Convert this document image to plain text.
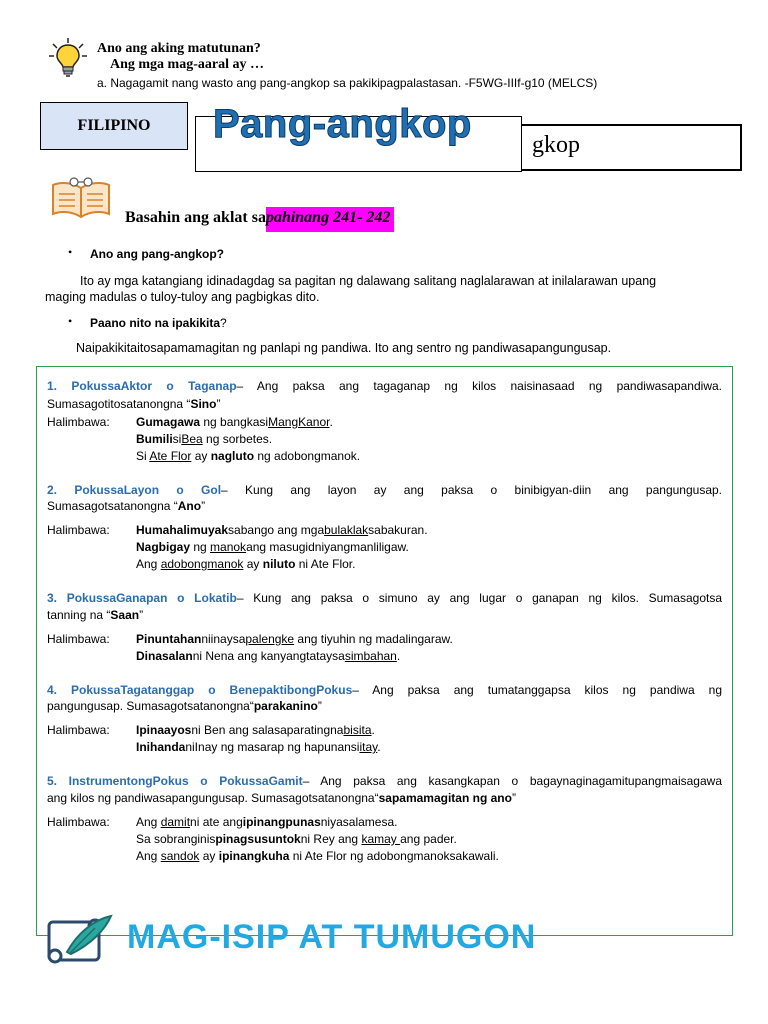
Ano ang aking matutunan?
Ang mga mag-aaral ay …
a. Nagagamit nang wasto ang pang-angkop sa pakikipagpalastasan. -F5WG-IIIf-g10 (MELCS)
FILIPINO
gkop
Pang-angkop
Basahin ang aklat sapahinang 241- 242
• Ano ang pang-angkop?
Ito ay mga katangiang idinadagdag sa pagitan ng dalawang salitang naglalarawan at inilalarawan upang
maging madulas o tuloy-tuloy ang pagbigkas dito.
• Paano nito na ipakikita?
Naipakikitaitosapamamagitan ng panlapi ng pandiwa. Ito ang sentro ng pandiwasapangungusap.
1. PokussaAktor o Taganap– Ang paksa ang tagaganap ng kilos naisinasaad ng pandiwasapandiwa.
Sumasagotitosatanongna “Sino”
Halimbawa: Gumagawa ng bangkasiMangKanor.
BumilisiBea ng sorbetes.
Si Ate Flor ay nagluto ng adobongmanok.
2. PokussaLayon o Gol– Kung ang layon ay ang paksa o binibigyan-diin ang pangungusap.
Sumasagotsatanongna “Ano”
Halimbawa: Humahalimuyaksabango ang mgabulaklaksabakuran.
Nagbigay ng manokang masugidniyangmanliligaw.
Ang adobongmanok ay niluto ni Ate Flor.
3. PokussaGanapan o Lokatib– Kung ang paksa o simuno ay ang lugar o ganapan ng kilos. Sumasagotsa
tanning na “Saan”
Halimbawa: Pinuntahanniinaysapalengke ang tiyuhin ng madalingaraw.
Dinasalanni Nena ang kanyangtataysasimbahan.
4. PokussaTagatanggap o BenepaktibongPokus– Ang paksa ang tumatanggapsa kilos ng pandiwa ng
pangungusap. Sumasagotsatanongna“parakanino”
Halimbawa: Ipinaayosni Ben ang salasaparatingnabisita.
InihandaniInay ng masarap ng hapunansiitay.
5. InstrumentongPokus o PokussaGamit– Ang paksa ang kasangkapan o bagaynaginagamitupangmaisagawa
ang kilos ng pandiwasapangungusap. Sumasagotsatanongna“sapamamagitan ng ano”
Halimbawa: Ang damitni ate angipinangpunasniyasalamesa.
Sa sobranginispinagsusuntokni Rey ang kamay ang pader.
Ang sandok ay ipinangkuha ni Ate Flor ng adobongmanoksakawali.
MAG-ISIP AT TUMUGON
